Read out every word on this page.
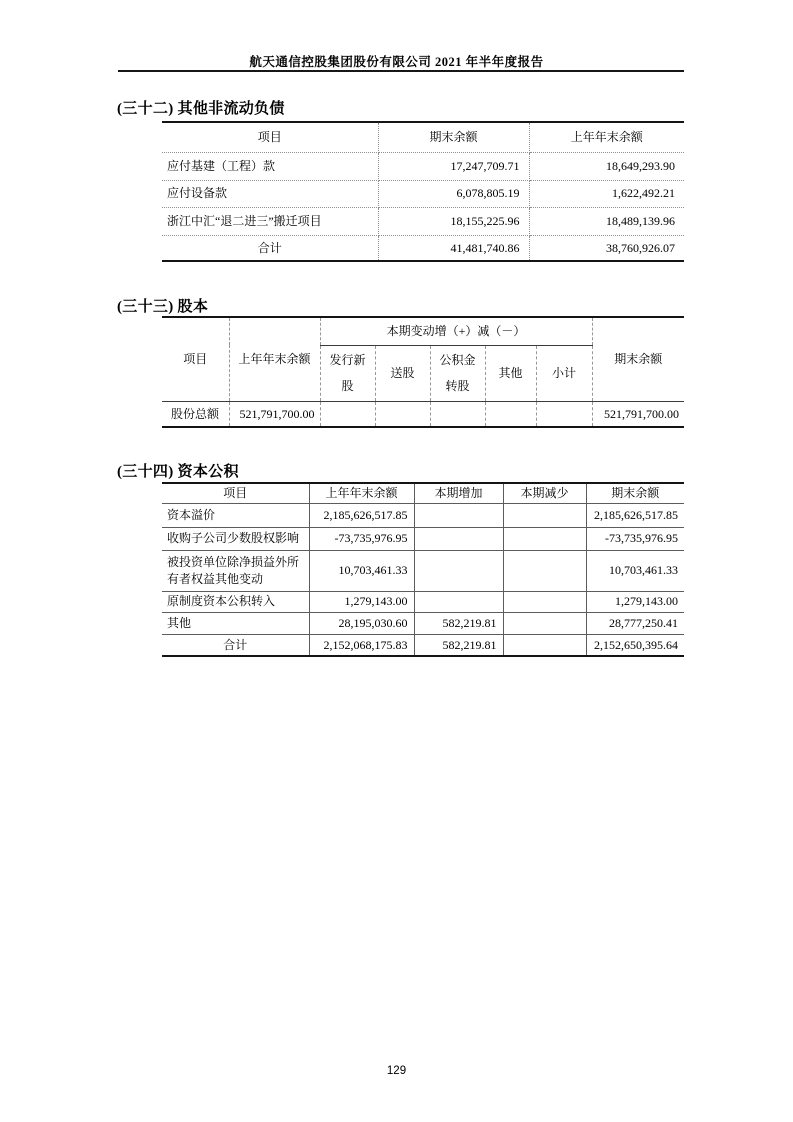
航天通信控股集团股份有限公司 2021 年半年度报告
(三十二) 其他非流动负债
项目	期末余额	上年年末余额
应付基建（工程）款	17,247,709.71	18,649,293.90
应付设备款	6,078,805.19	1,622,492.21
浙江中汇“退二进三”搬迁项目	18,155,225.96	18,489,139.96
合计	41,481,740.86	38,760,926.07
(三十三) 股本
项目	上年年末余额	本期变动增（+）减（－）					期末余额
		发行新股	送股	公积金转股	其他	小计	
股份总额	521,791,700.00						521,791,700.00
(三十四) 资本公积
项目	上年年末余额	本期增加	本期减少	期末余额
资本溢价	2,185,626,517.85			2,185,626,517.85
收购子公司少数股权影响	-73,735,976.95			-73,735,976.95
被投资单位除净损益外所有者权益其他变动	10,703,461.33			10,703,461.33
原制度资本公积转入	1,279,143.00			1,279,143.00
其他	28,195,030.60	582,219.81		28,777,250.41
合计	2,152,068,175.83	582,219.81		2,152,650,395.64
129
